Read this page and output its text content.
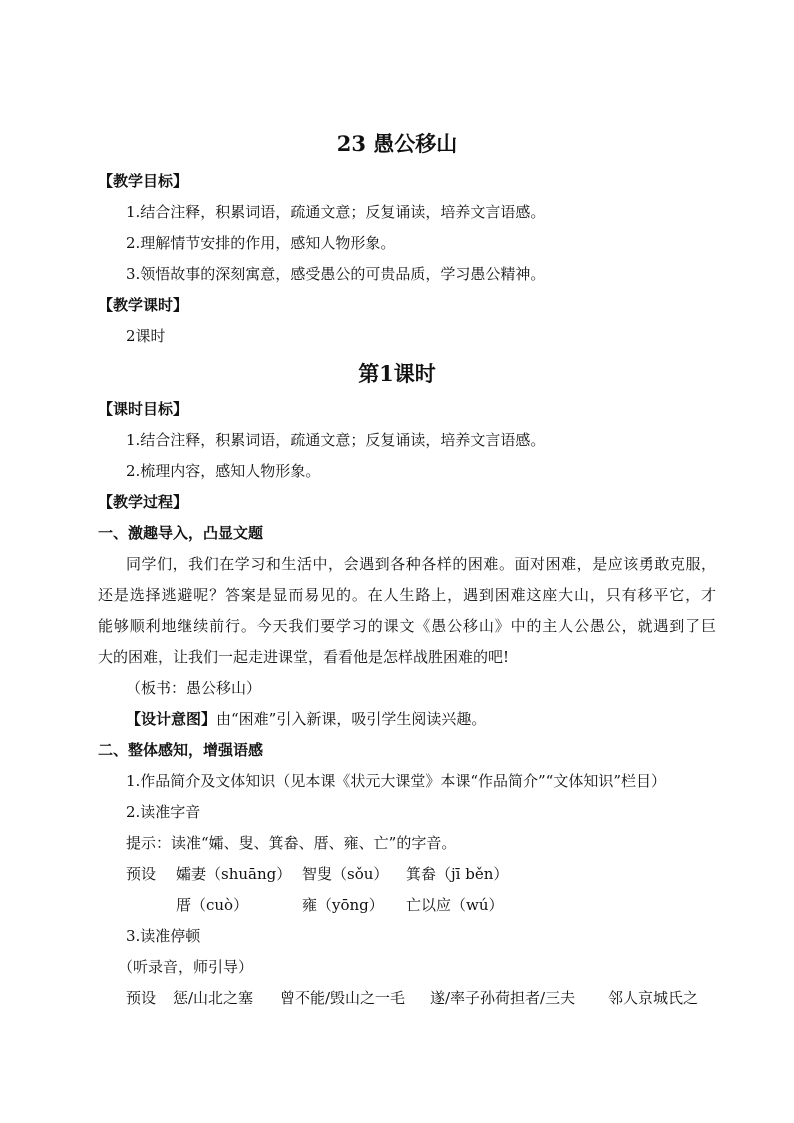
23 愚公移山
【教学目标】
1.结合注释，积累词语，疏通文意；反复诵读，培养文言语感。
2.理解情节安排的作用，感知人物形象。
3.领悟故事的深刻寓意，感受愚公的可贵品质，学习愚公精神。
【教学课时】
2课时
第1课时
【课时目标】
1.结合注释，积累词语，疏通文意；反复诵读，培养文言语感。
2.梳理内容，感知人物形象。
【教学过程】
一、激趣导入，凸显文题
同学们，我们在学习和生活中，会遇到各种各样的困难。面对困难，是应该勇敢克服，
还是选择逃避呢？答案是显而易见的。在人生路上，遇到困难这座大山，只有移平它，才
能够顺利地继续前行。今天我们要学习的课文《愚公移山》中的主人公愚公，就遇到了巨
大的困难，让我们一起走进课堂，看看他是怎样战胜困难的吧!
（板书：愚公移山）
【设计意图】由“困难”引入新课，吸引学生阅读兴趣。
二、整体感知，增强语感
1.作品简介及文体知识（见本课《状元大课堂》本课“作品简介”“文体知识”栏目）
2.读准字音
提示：读准“孀、叟、箕畚、厝、雍、亡”的字音。
预设 孀妻（shuāng） 智叟（sǒu） 箕畚（jī běn）
厝（cuò）	雍（yōng） 亡以应（wú）
3.读准停顿
（听录音，师引导）
预设 惩/山北之塞 曾不能/毁山之一毛 遂/率子孙荷担者/三夫 邻人京城氏之
